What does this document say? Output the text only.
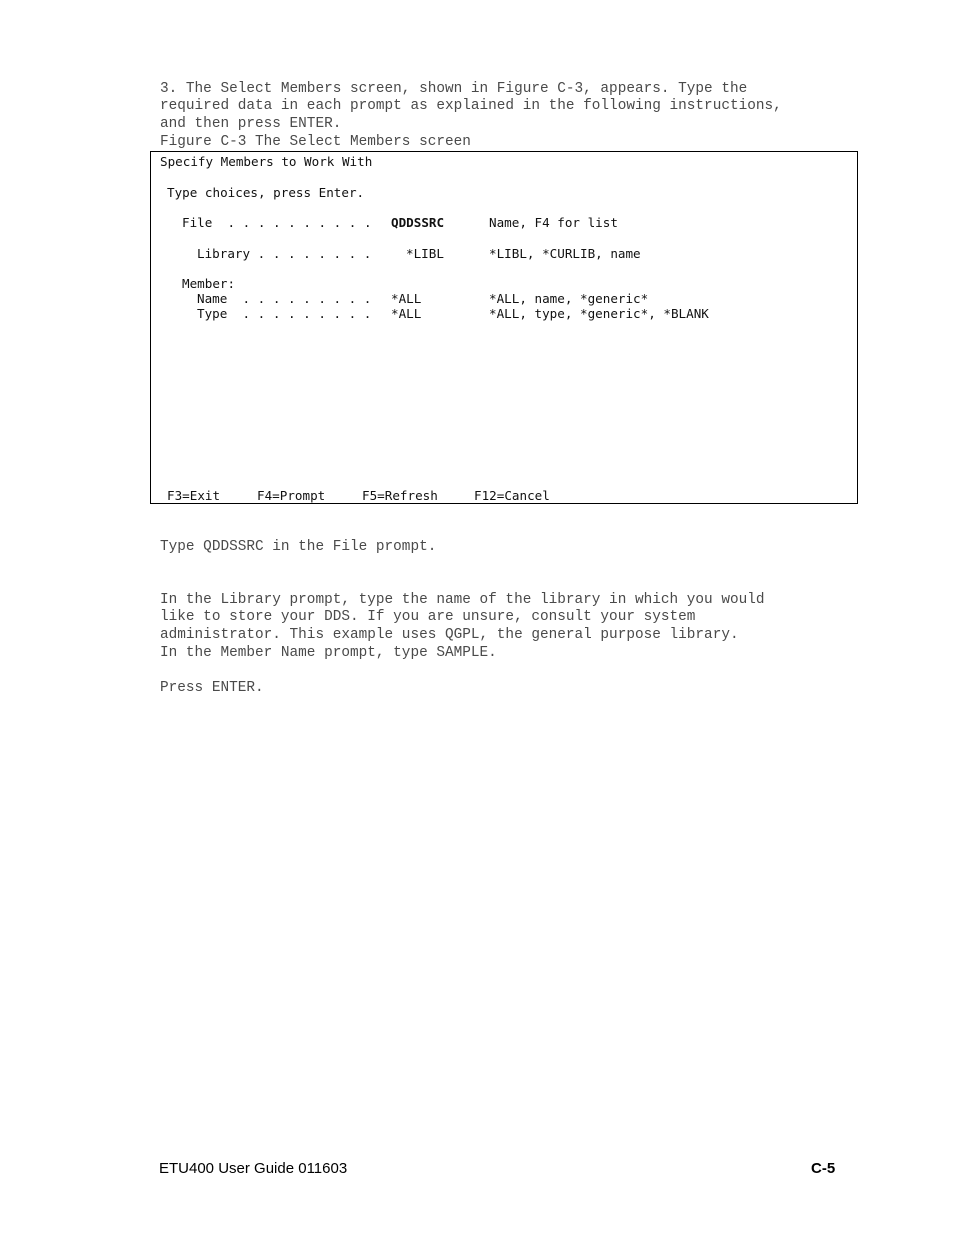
3. The Select Members screen, shown in Figure C-3, appears. Type the
required data in each prompt as explained in the following instructions,
and then press ENTER.
Figure C-3 The Select Members screen
Specify Members to Work With
Type choices, press Enter.
File  . . . . . . . . . . QDDSSRC	Name, F4 for list
Library . . . . . . . .	*LIBL	*LIBL, *CURLIB, name
Member:
Name  . . . . . . . . . *ALL	*ALL, name, *generic*
Type  . . . . . . . . . *ALL	*ALL, type, *generic*, *BLANK
F3=Exit	F4=Prompt	F5=Refresh	F12=Cancel
Type QDDSSRC in the File prompt.

In the Library prompt, type the name of the library in which you would
like to store your DDS. If you are unsure, consult your system
administrator. This example uses QGPL, the general purpose library.
In the Member Name prompt, type SAMPLE.
Press ENTER.
ETU400 User Guide 011603	C-5
